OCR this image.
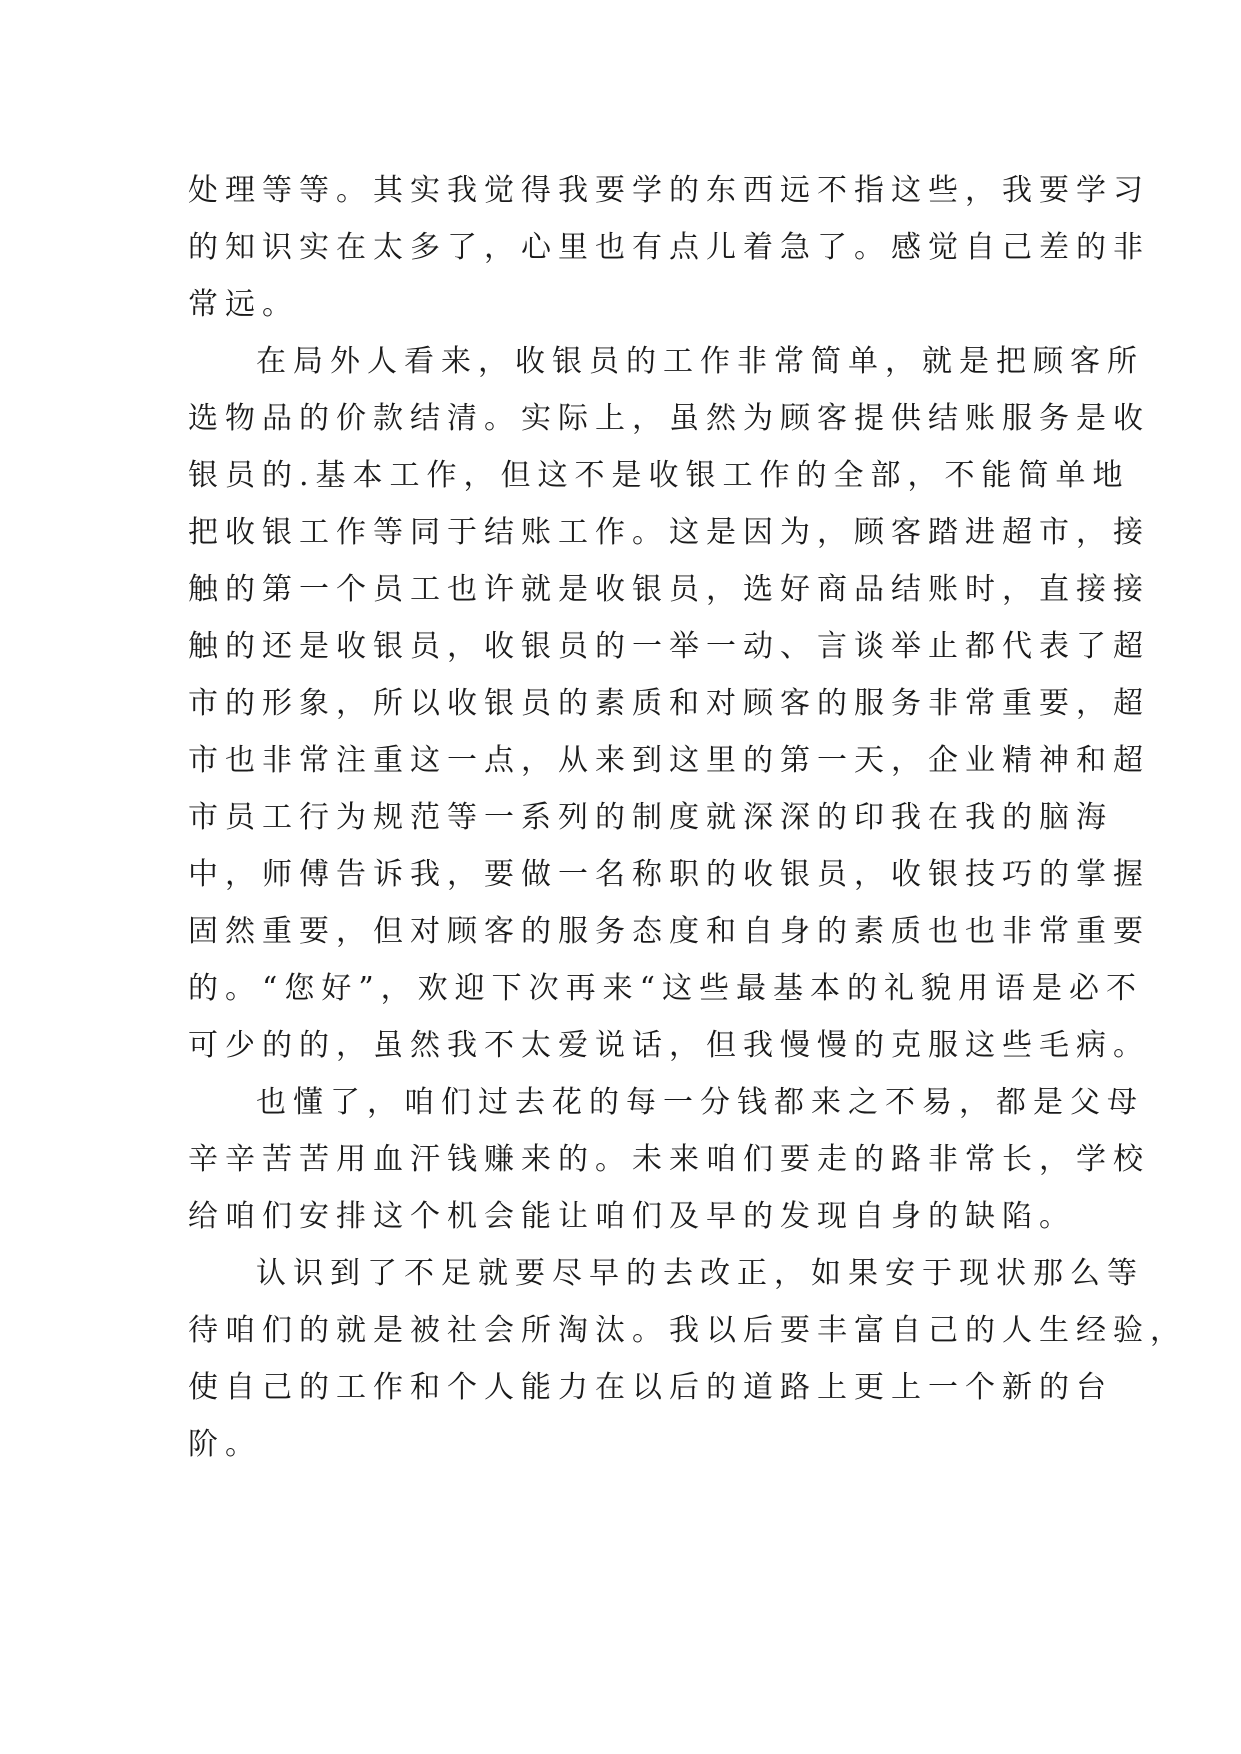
处理等等。其实我觉得我要学的东西远不指这些，我要学习
的知识实在太多了，心里也有点儿着急了。感觉自己差的非
常远。
在局外人看来，收银员的工作非常简单，就是把顾客所
选物品的价款结清。实际上，虽然为顾客提供结账服务是收
银员的.基本工作，但这不是收银工作的全部，不能简单地
把收银工作等同于结账工作。这是因为，顾客踏进超市，接
触的第一个员工也许就是收银员，选好商品结账时，直接接
触的还是收银员，收银员的一举一动、言谈举止都代表了超
市的形象，所以收银员的素质和对顾客的服务非常重要，超
市也非常注重这一点，从来到这里的第一天，企业精神和超
市员工行为规范等一系列的制度就深深的印我在我的脑海
中，师傅告诉我，要做一名称职的收银员，收银技巧的掌握
固然重要，但对顾客的服务态度和自身的素质也也非常重要
的。“您好”，欢迎下次再来“这些最基本的礼貌用语是必不
可少的的，虽然我不太爱说话，但我慢慢的克服这些毛病。
也懂了，咱们过去花的每一分钱都来之不易，都是父母
辛辛苦苦用血汗钱赚来的。未来咱们要走的路非常长，学校
给咱们安排这个机会能让咱们及早的发现自身的缺陷。
认识到了不足就要尽早的去改正，如果安于现状那么等
待咱们的就是被社会所淘汰。我以后要丰富自己的人生经验，
使自己的工作和个人能力在以后的道路上更上一个新的台
阶。
